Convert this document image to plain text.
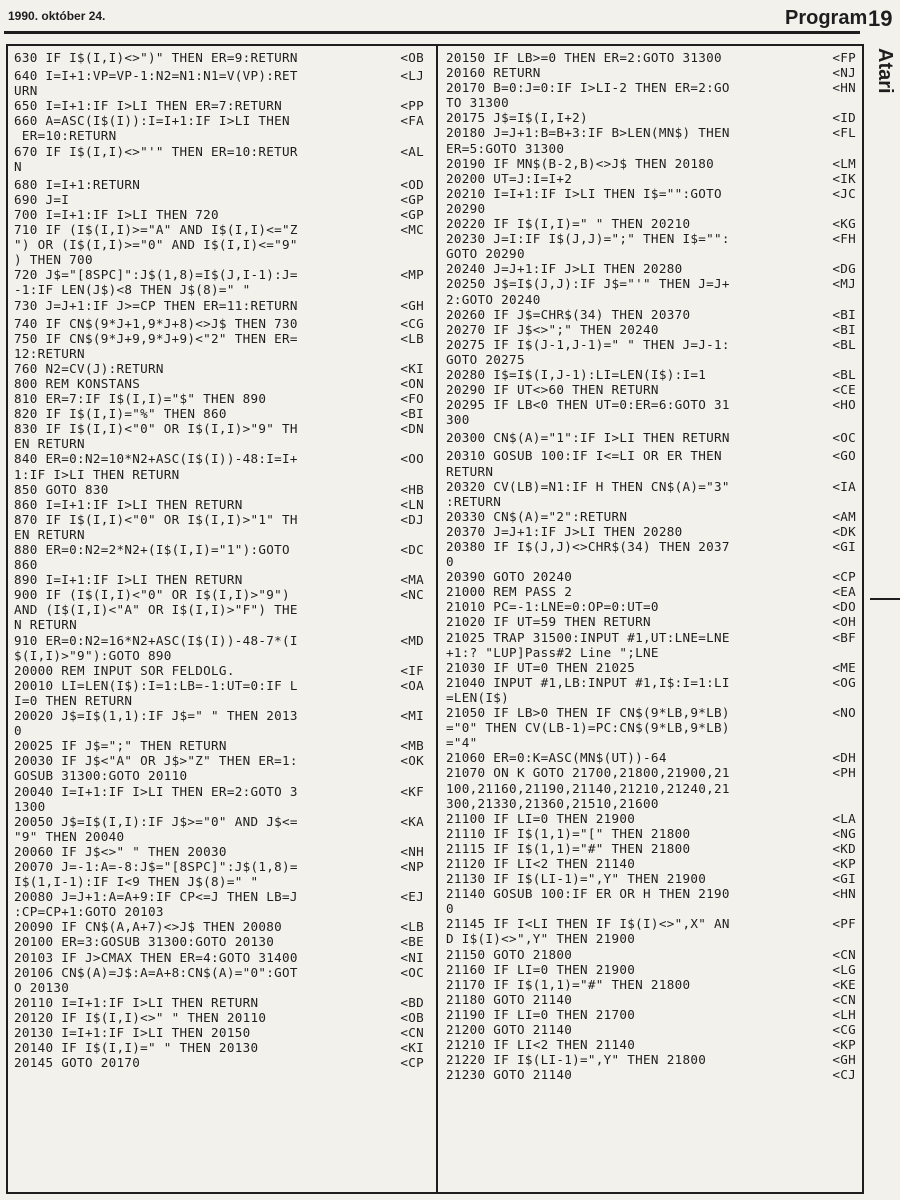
1990. október 24.	Program 19
Atari
630 IF I$(I,I)<>")" THEN ER=9:RETURN	<OB
640 I=I+1:VP=VP-1:N2=N1:N1=V(VP):RET	<LJ
URN
650 I=I+1:IF I>LI THEN ER=7:RETURN	<PP
660 A=ASC(I$(I)):I=I+1:IF I>LI THEN	<FA
ER=10:RETURN
670 IF I$(I,I)<>"'" THEN ER=10:RETUR	<AL
N
680 I=I+1:RETURN	<OD
690 J=I	<GP
700 I=I+1:IF I>LI THEN 720	<GP
710 IF (I$(I,I)>="A" AND I$(I,I)<="Z	<MC
") OR (I$(I,I)>="0" AND I$(I,I)<="9"
) THEN 700
720 J$="[8SPC]":J$(1,8)=I$(J,I-1):J=	<MP
-1:IF LEN(J$)<8 THEN J$(8)=" "
730 J=J+1:IF J>=CP THEN ER=11:RETURN	<GH
740 IF CN$(9*J+1,9*J+8)<>J$ THEN 730	<CG
750 IF CN$(9*J+9,9*J+9)<"2" THEN ER=	<LB
12:RETURN
760 N2=CV(J):RETURN	<KI
800 REM KONSTANS	<ON
810 ER=7:IF I$(I,I)="$" THEN 890	<FO
820 IF I$(I,I)="%" THEN 860	<BI
830 IF I$(I,I)<"0" OR I$(I,I)>"9" TH	<DN
EN RETURN
840 ER=0:N2=10*N2+ASC(I$(I))-48:I=I+	<OO
1:IF I>LI THEN RETURN
850 GOTO 830	<HB
860 I=I+1:IF I>LI THEN RETURN	<LN
870 IF I$(I,I)<"0" OR I$(I,I)>"1" TH	<DJ
EN RETURN
880 ER=0:N2=2*N2+(I$(I,I)="1"):GOTO	<DC
860
890 I=I+1:IF I>LI THEN RETURN	<MA
900 IF (I$(I,I)<"0" OR I$(I,I)>"9")	<NC
AND (I$(I,I)<"A" OR I$(I,I)>"F") THE
N RETURN
910 ER=0:N2=16*N2+ASC(I$(I))-48-7*(I	<MD
$(I,I)>"9"):GOTO 890
20000 REM INPUT SOR FELDOLG.	<IF
20010 LI=LEN(I$):I=1:LB=-1:UT=0:IF L	<OA
I=0 THEN RETURN
20020 J$=I$(1,1):IF J$=" " THEN 2013	<MI
0
20025 IF J$=";" THEN RETURN	<MB
20030 IF J$<"A" OR J$>"Z" THEN ER=1:	<OK
GOSUB 31300:GOTO 20110
20040 I=I+1:IF I>LI THEN ER=2:GOTO 3	<KF
1300
20050 J$=I$(I,I):IF J$>="0" AND J$<=	<KA
"9" THEN 20040
20060 IF J$<>" " THEN 20030	<NH
20070 J=-1:A=-8:J$="[8SPC]":J$(1,8)=	<NP
I$(1,I-1):IF I<9 THEN J$(8)=" "
20080 J=J+1:A=A+9:IF CP<=J THEN LB=J	<EJ
:CP=CP+1:GOTO 20103
20090 IF CN$(A,A+7)<>J$ THEN 20080	<LB
20100 ER=3:GOSUB 31300:GOTO 20130	<BE
20103 IF J>CMAX THEN ER=4:GOTO 31400	<NI
20106 CN$(A)=J$:A=A+8:CN$(A)="0":GOT	<OC
O 20130
20110 I=I+1:IF I>LI THEN RETURN	<BD
20120 IF I$(I,I)<>" " THEN 20110	<OB
20130 I=I+1:IF I>LI THEN 20150	<CN
20140 IF I$(I,I)=" " THEN 20130	<KI
20145 GOTO 20170	<CP
20150 IF LB>=0 THEN ER=2:GOTO 31300	<FP
20160 RETURN	<NJ
20170 B=0:J=0:IF I>LI-2 THEN ER=2:GO	<HN
TO 31300
20175 J$=I$(I,I+2)	<ID
20180 J=J+1:B=B+3:IF B>LEN(MN$) THEN	<FL
ER=5:GOTO 31300
20190 IF MN$(B-2,B)<>J$ THEN 20180	<LM
20200 UT=J:I=I+2	<IK
20210 I=I+1:IF I>LI THEN I$="":GOTO	<JC
20290
20220 IF I$(I,I)=" " THEN 20210	<KG
20230 J=I:IF I$(J,J)=";" THEN I$="":	<FH
GOTO 20290
20240 J=J+1:IF J>LI THEN 20280	<DG
20250 J$=I$(J,J):IF J$="'" THEN J=J+	<MJ
2:GOTO 20240
20260 IF J$=CHR$(34) THEN 20370	<BI
20270 IF J$<>";" THEN 20240	<BI
20275 IF I$(J-1,J-1)=" " THEN J=J-1:	<BL
GOTO 20275
20280 I$=I$(I,J-1):LI=LEN(I$):I=1	<BL
20290 IF UT<>60 THEN RETURN	<CE
20295 IF LB<0 THEN UT=0:ER=6:GOTO 31	<HO
300
20300 CN$(A)="1":IF I>LI THEN RETURN	<OC
20310 GOSUB 100:IF I<=LI OR ER THEN	<GO
RETURN
20320 CV(LB)=N1:IF H THEN CN$(A)="3"	<IA
:RETURN
20330 CN$(A)="2":RETURN	<AM
20370 J=J+1:IF J>LI THEN 20280	<DK
20380 IF I$(J,J)<>CHR$(34) THEN 2037	<GI
0
20390 GOTO 20240	<CP
21000 REM PASS 2	<EA
21010 PC=-1:LNE=0:OP=0:UT=0	<DO
21020 IF UT=59 THEN RETURN	<OH
21025 TRAP 31500:INPUT #1,UT:LNE=LNE	<BF
+1:? "LUP]Pass#2 Line ";LNE
21030 IF UT=0 THEN 21025	<ME
21040 INPUT #1,LB:INPUT #1,I$:I=1:LI	<OG
=LEN(I$)
21050 IF LB>0 THEN IF CN$(9*LB,9*LB)	<NO
="0" THEN CV(LB-1)=PC:CN$(9*LB,9*LB)
="4"
21060 ER=0:K=ASC(MN$(UT))-64	<DH
21070 ON K GOTO 21700,21800,21900,21	<PH
100,21160,21190,21140,21210,21240,21
300,21330,21360,21510,21600
21100 IF LI=0 THEN 21900	<LA
21110 IF I$(1,1)="[" THEN 21800	<NG
21115 IF I$(1,1)="#" THEN 21800	<KD
21120 IF LI<2 THEN 21140	<KP
21130 IF I$(LI-1)=",Y" THEN 21900	<GI
21140 GOSUB 100:IF ER OR H THEN 2190	<HN
0
21145 IF I<LI THEN IF I$(I)<>",X" AN	<PF
D I$(I)<>",Y" THEN 21900
21150 GOTO 21800	<CN
21160 IF LI=0 THEN 21900	<LG
21170 IF I$(1,1)="#" THEN 21800	<KE
21180 GOTO 21140	<CN
21190 IF LI=0 THEN 21700	<LH
21200 GOTO 21140	<CG
21210 IF LI<2 THEN 21140	<KP
21220 IF I$(LI-1)=",Y" THEN 21800	<GH
21230 GOTO 21140	<CJ
